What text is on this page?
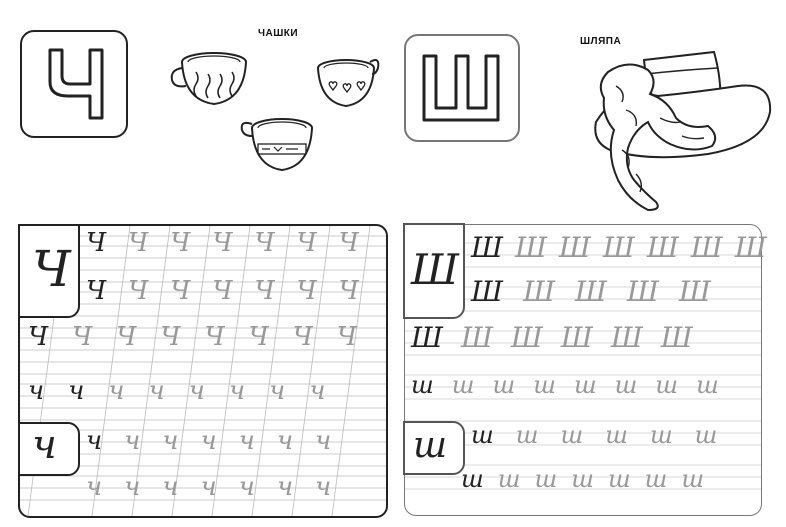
ЧАШКИ
ШЛЯПА
Ч
ч
ЧЧЧЧЧЧЧ
ЧЧЧЧЧЧЧ
ЧЧЧЧЧЧЧЧ
чччччччч
ччччччч
ччччччч
Ш
ш
ШШШШШШШ
ШШШШШ
ШШШШШШ
шшшшшшшш
шшшшшш
шшшшшшш
